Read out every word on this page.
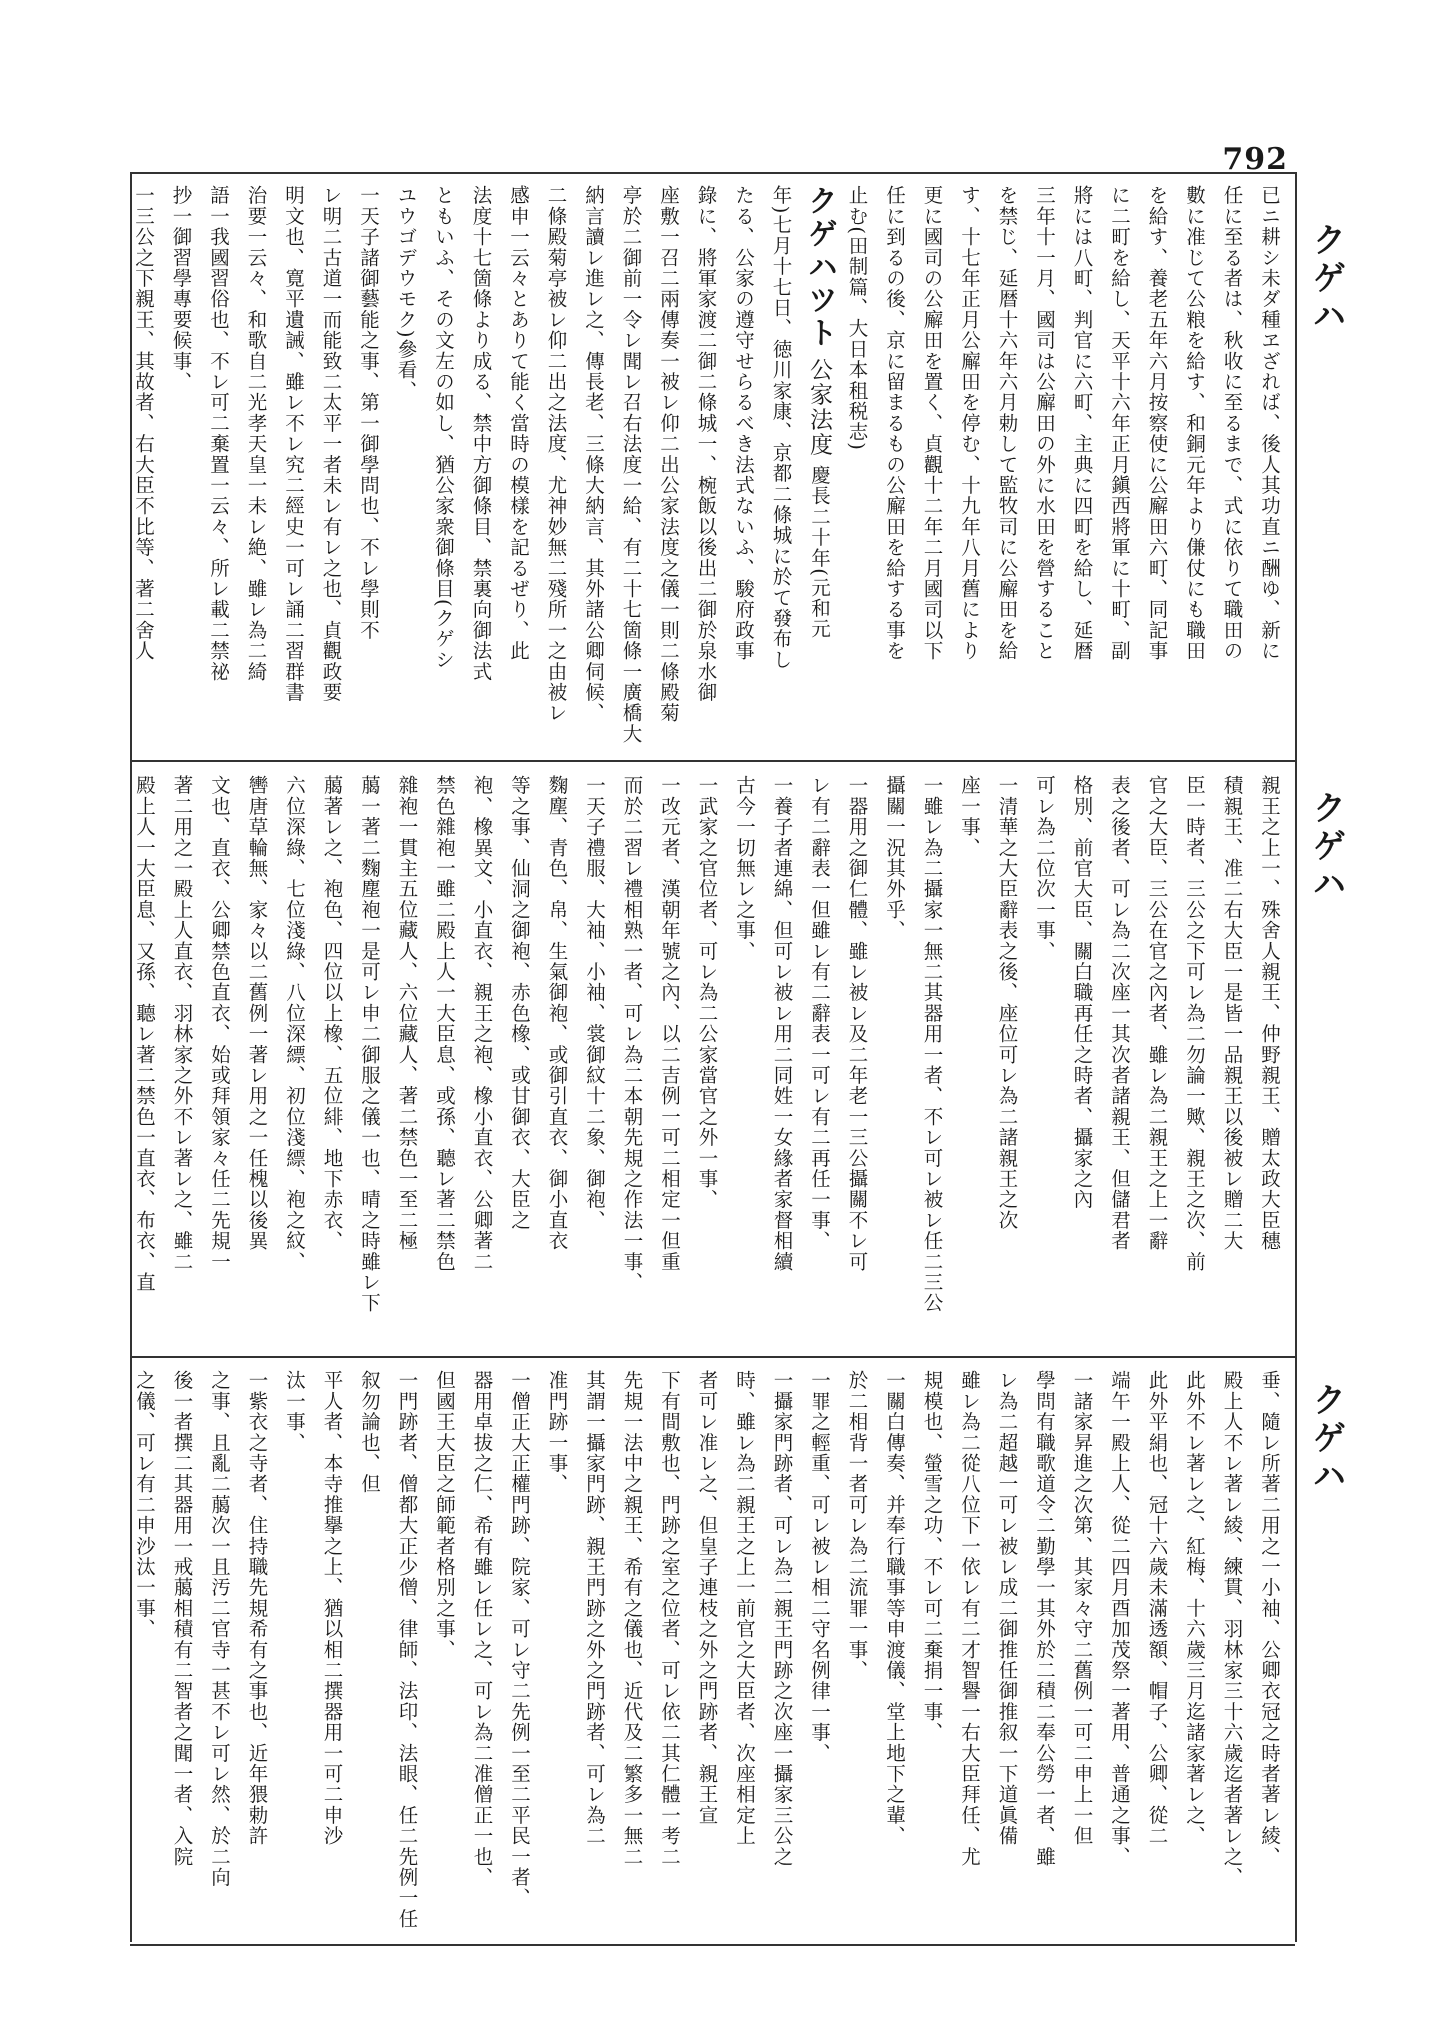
792
クゲハ
クゲハ
クゲハ

已ニ耕シ未ダ種ヱざれば、後人其功直ニ酬ゆ、新に

任に至る者は、秋收に至るまで、式に依りて職田の

數に准じて公粮を給す、和銅元年より傔仗にも職田

を給す、養老五年六月按察使に公廨田六町、同記事

に二町を給し、天平十六年正月鎭西將軍に十町、副

將には八町、判官に六町、主典に四町を給し、延暦

三年十一月、國司は公廨田の外に水田を營すること

を禁じ、延暦十六年六月勅して監牧司に公廨田を給

す、十七年正月公廨田を停む、十九年八月舊により

更に國司の公廨田を置く、貞觀十二年二月國司以下

任に到るの後、京に留まるもの公廨田を給する事を

止む(田制篇、大日本租税志)

クゲハツト 公家法度 慶長二十年(元和元

年)七月十七日、徳川家康、京都二條城に於て發布し

たる、公家の遵守せらるべき法式ないふ、駿府政事

錄に、將軍家渡二御二條城一、椀飯以後出二御於泉水御

座敷一召二兩傳奏一被レ仰二出公家法度之儀一則二條殿菊

亭於二御前一令レ聞レ召右法度一給、有二十七箇條一廣橋大

納言讀レ進レ之、傳長老、三條大納言、其外諸公卿伺候、

二條殿菊亭被レ仰二出之法度、尤神妙無二殘所一之由被レ

感申一云々とありて能く當時の模樣を記るぜり、此

法度十七箇條より成る、禁中方御條目、禁裏向御法式

ともいふ、その文左の如し、猶公家衆御條目(クゲシ

ユウゴデウモク)參看、

一天子諸御藝能之事、第一御學問也、不レ學則不

レ明二古道一而能致二太平一者未レ有レ之也、貞觀政要

明文也、寛平遺誡、雖レ不レ究二經史一可レ誦二習群書

治要一云々、和歌自二光孝天皇一未レ絶、雖レ為二綺

語一我國習俗也、不レ可二棄置一云々、所レ載二禁祕

抄一御習學專要候事、

一三公之下親王、其故者、右大臣不比等、著二舍人

親王之上一、殊舍人親王、仲野親王、贈太政大臣穗

積親王、准二右大臣一是皆一品親王以後被レ贈二大

臣一時者、三公之下可レ為二勿論一歟、親王之次、前

官之大臣、三公在官之內者、雖レ為二親王之上一辭

表之後者、可レ為二次座一其次者諸親王、但儲君者

格別、前官大臣、關白職再任之時者、攝家之內

可レ為二位次一事、

一清華之大臣辭表之後、座位可レ為二諸親王之次

座一事、

一雖レ為二攝家一無二其器用一者、不レ可レ被レ任二三公

攝關一況其外乎、

一器用之御仁體、雖レ被レ及二年老一三公攝關不レ可

レ有二辭表一但雖レ有二辭表一可レ有二再任一事、

一養子者連綿、但可レ被レ用二同姓一女緣者家督相續

古今一切無レ之事、

一武家之官位者、可レ為二公家當官之外一事、

一改元者、漢朝年號之內、以二吉例一可二相定一但重

而於二習レ禮相熟一者、可レ為二本朝先規之作法一事、

一天子禮服、大袖、小袖、裳御紋十二象、御袍、

麴塵、青色、帛、生氣御袍、或御引直衣、御小直衣

等之事、仙洞之御袍、赤色橡、或甘御衣、大臣之

袍、橡異文、小直衣、親王之袍、橡小直衣、公卿著二

禁色雜袍一雖二殿上人一大臣息、或孫、聽レ著二禁色

雜袍一貫主五位藏人、六位藏人、著二禁色一至二極

﨟一著二麴塵袍一是可レ申二御服之儀一也、晴之時雖レ下

﨟著レ之、袍色、四位以上橡、五位緋、地下赤衣、

六位深綠、七位淺綠、八位深縹、初位淺縹、袍之紋、

轡唐草輪無、家々以二舊例一著レ用之一任槐以後異

文也、直衣、公卿禁色直衣、始或拜領家々任二先規一

著二用之一殿上人直衣、羽林家之外不レ著レ之、雖二

殿上人一大臣息、又孫、聽レ著二禁色一直衣、布衣、直

垂、隨レ所著二用之一小袖、公卿衣冠之時者著レ綾、

殿上人不レ著レ綾、練貫、羽林家三十六歲迄者著レ之、

此外不レ著レ之、紅梅、十六歲三月迄諸家著レ之、

此外平絹也、冠十六歲未滿透額、帽子、公卿、從二

端午一殿上人、從二四月酉加茂祭一著用、普通之事、

一諸家昇進之次第、其家々守二舊例一可二申上一但

學問有職歌道令二勤學一其外於二積二奉公勞一者、雖

レ為二超越一可レ被レ成二御推任御推叙一下道眞備

雖レ為二從八位下一依レ有二才智譽一右大臣拜任、尤

規模也、螢雪之功、不レ可二棄捐一事、

一關白傳奏、并奉行職事等申渡儀、堂上地下之輩、

於二相背一者可レ為二流罪一事、

一罪之輕重、可レ被レ相二守名例律一事、

一攝家門跡者、可レ為二親王門跡之次座一攝家三公之

時、雖レ為二親王之上一前官之大臣者、次座相定上

者可レ准レ之、但皇子連枝之外之門跡者、親王宣

下有間敷也、門跡之室之位者、可レ依二其仁體一考二

先規一法中之親王、希有之儀也、近代及二繁多一無二

其謂一攝家門跡、親王門跡之外之門跡者、可レ為二

准門跡一事、

一僧正大正權門跡、院家、可レ守二先例一至二平民一者、

器用卓拔之仁、希有雖レ任レ之、可レ為二准僧正一也、

但國王大臣之師範者格別之事、

一門跡者、僧都大正少僧、律師、法印、法眼、任二先例一任叙勿論也、但

平人者、本寺推擧之上、猶以相二撰器用一可二申沙

汰一事、

一紫衣之寺者、住持職先規希有之事也、近年猥勅許

之事、且亂二﨟次一且汚二官寺一甚不レ可レ然、於二向

後一者撰二其器用一戒﨟相積有二智者之聞一者、入院

之儀、可レ有二申沙汰一事、
